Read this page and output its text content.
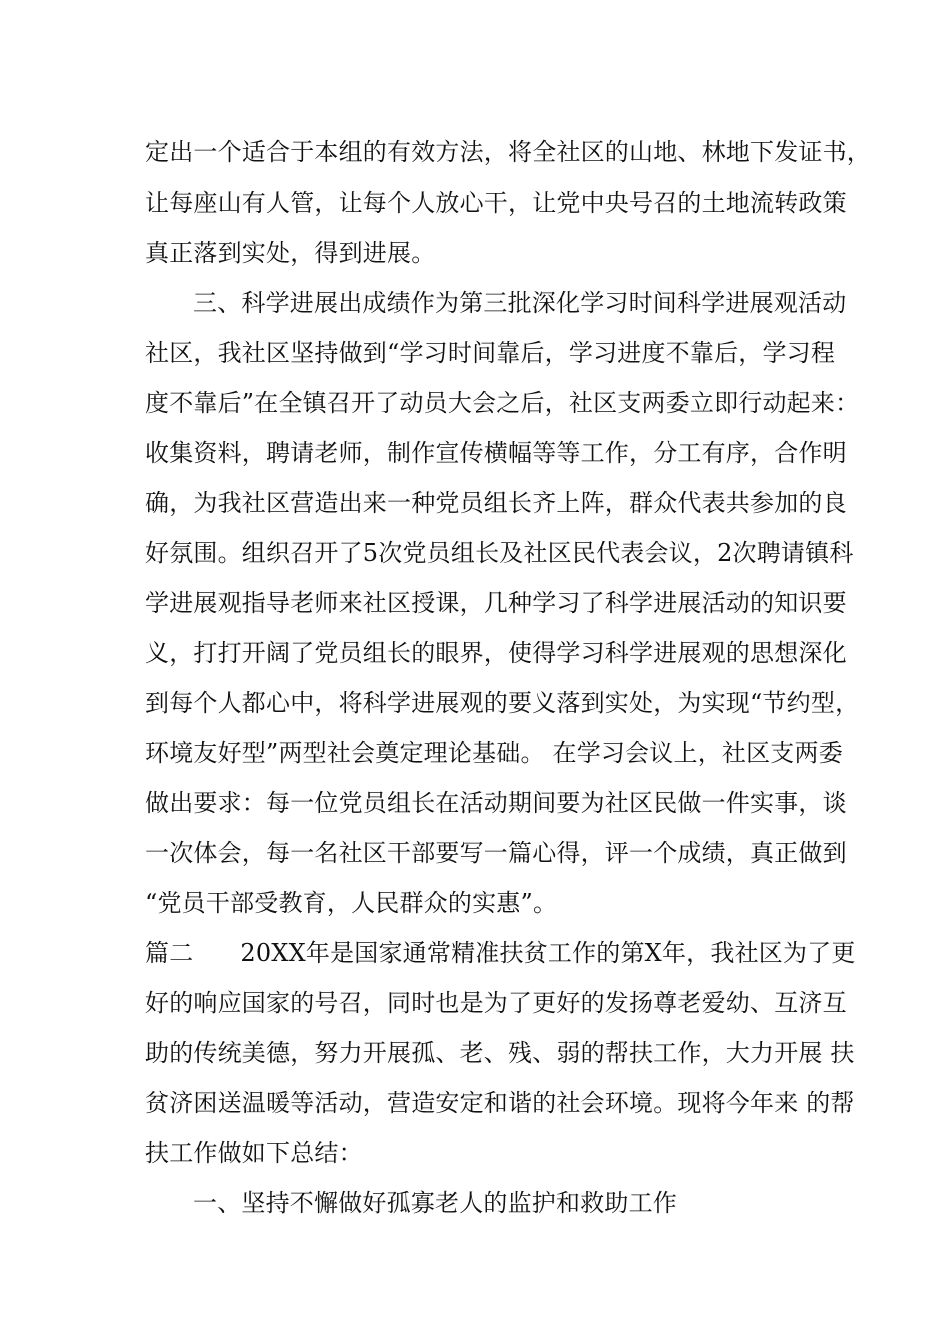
定出一个适合于本组的有效方法，将全社区的山地、林地下发证书，
让每座山有人管，让每个人放心干，让党中央号召的土地流转政策
真正落到实处，得到进展。
三、科学进展出成绩作为第三批深化学习时间科学进展观活动
社区，我社区坚持做到“学习时间靠后，学习进度不靠后，学习程
度不靠后”在全镇召开了动员大会之后，社区支两委立即行动起来：
收集资料，聘请老师，制作宣传横幅等等工作，分工有序，合作明
确，为我社区营造出来一种党员组长齐上阵，群众代表共参加的良
好氛围。组织召开了5次党员组长及社区民代表会议，2次聘请镇科
学进展观指导老师来社区授课，几种学习了科学进展活动的知识要
义，打打开阔了党员组长的眼界，使得学习科学进展观的思想深化
到每个人都心中，将科学进展观的要义落到实处，为实现“节约型，
环境友好型”两型社会奠定理论基础。 在学习会议上，社区支两委
做出要求：每一位党员组长在活动期间要为社区民做一件实事，谈
一次体会，每一名社区干部要写一篇心得，评一个成绩，真正做到
“党员干部受教育，人民群众的实惠”。
篇二      20XX年是国家通常精准扶贫工作的第X年，我社区为了更
好的响应国家的号召，同时也是为了更好的发扬尊老爱幼、互济互
助的传统美德，努力开展孤、老、残、弱的帮扶工作，大力开展 扶
贫济困送温暖等活动，营造安定和谐的社会环境。现将今年来 的帮
扶工作做如下总结：
一、坚持不懈做好孤寡老人的监护和救助工作
